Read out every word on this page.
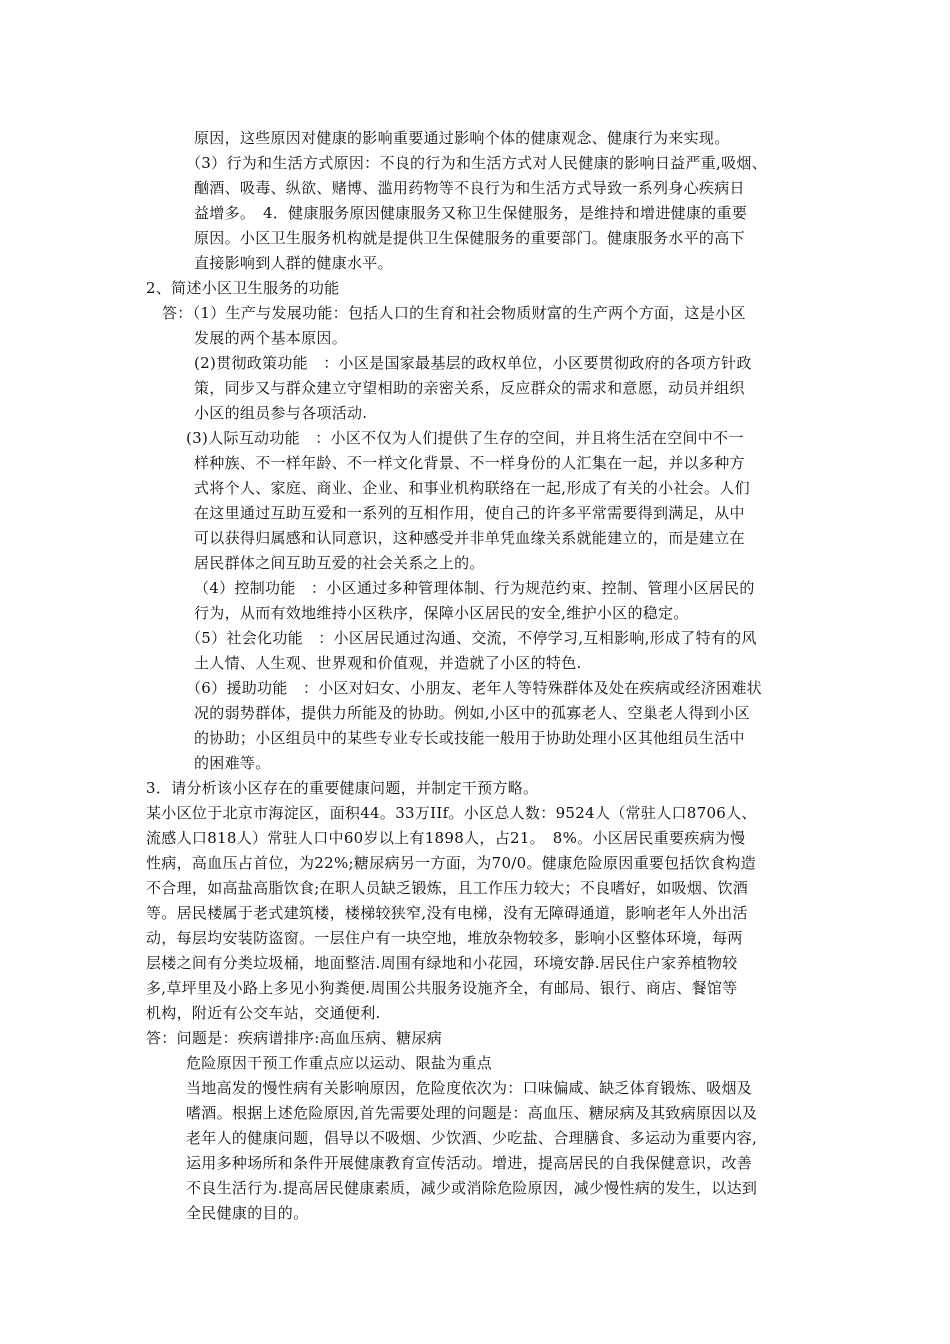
原因，这些原因对健康的影响重要通过影响个体的健康观念、健康行为来实现。
（3）行为和生活方式原因：不良的行为和生活方式对人民健康的影响日益严重,吸烟、
酗酒、吸毒、纵欲、赌博、滥用药物等不良行为和生活方式导致一系列身心疾病日
益增多。　4．健康服务原因健康服务又称卫生保健服务，是维持和增进健康的重要
原因。小区卫生服务机构就是提供卫生保健服务的重要部门。健康服务水平的高下
直接影响到人群的健康水平。
2、简述小区卫生服务的功能
答：（1）生产与发展功能：包括人口的生育和社会物质财富的生产两个方面，这是小区
发展的两个基本原因。
(2)贯彻政策功能　：小区是国家最基层的政权单位，小区要贯彻政府的各项方针政
策，同步又与群众建立守望相助的亲密关系，反应群众的需求和意愿，动员并组织
小区的组员参与各项活动.
(3)人际互动功能　：小区不仅为人们提供了生存的空间，并且将生活在空间中不一
样种族、不一样年龄、不一样文化背景、不一样身份的人汇集在一起，并以多种方
式将个人、家庭、商业、企业、和事业机构联络在一起,形成了有关的小社会。人们
在这里通过互助互爱和一系列的互相作用，使自己的许多平常需要得到满足，从中
可以获得归属感和认同意识，这种感受并非单凭血缘关系就能建立的，而是建立在
居民群体之间互助互爱的社会关系之上的。
（4）控制功能　：小区通过多种管理体制、行为规范约束、控制、管理小区居民的
行为，从而有效地维持小区秩序，保障小区居民的安全,维护小区的稳定。
（5）社会化功能　：小区居民通过沟通、交流，不停学习,互相影响,形成了特有的风
土人情、人生观、世界观和价值观，并造就了小区的特色.
（6）援助功能　：小区对妇女、小朋友、老年人等特殊群体及处在疾病或经济困难状
况的弱势群体，提供力所能及的协助。例如,小区中的孤寡老人、空巢老人得到小区
的协助；小区组员中的某些专业专长或技能一般用于协助处理小区其他组员生活中
的困难等。
3．请分析该小区存在的重要健康问题，并制定干预方略。
某小区位于北京市海淀区，面积44。33万IIf。小区总人数：9524人（常驻人口8706人、
流感人口818人）常驻人口中60岁以上有1898人，占21。　8%。小区居民重要疾病为慢
性病，高血压占首位，为22%;糖尿病另一方面，为70/0。健康危险原因重要包括饮食构造
不合理，如高盐高脂饮食;在职人员缺乏锻炼，且工作压力较大；不良嗜好，如吸烟、饮酒
等。居民楼属于老式建筑楼，楼梯较狭窄,没有电梯，没有无障碍通道，影响老年人外出活
动，每层均安装防盗窗。一层住户有一块空地，堆放杂物较多，影响小区整体环境，每两
层楼之间有分类垃圾桶，地面整洁.周围有绿地和小花园，环境安静.居民住户家养植物较
多,草坪里及小路上多见小狗粪便.周围公共服务设施齐全，有邮局、银行、商店、餐馆等
机构，附近有公交车站，交通便利.
答：问题是：疾病谱排序:高血压病、糖尿病
危险原因干预工作重点应以运动、限盐为重点
当地高发的慢性病有关影响原因，危险度依次为：口味偏咸、缺乏体育锻炼、吸烟及
嗜酒。根据上述危险原因,首先需要处理的问题是：高血压、糖尿病及其致病原因以及
老年人的健康问题，倡导以不吸烟、少饮酒、少吃盐、合理膳食、多运动为重要内容,
运用多种场所和条件开展健康教育宣传活动。增进，提高居民的自我保健意识，改善
不良生活行为.提高居民健康素质，减少或消除危险原因，减少慢性病的发生，以达到
全民健康的目的。
